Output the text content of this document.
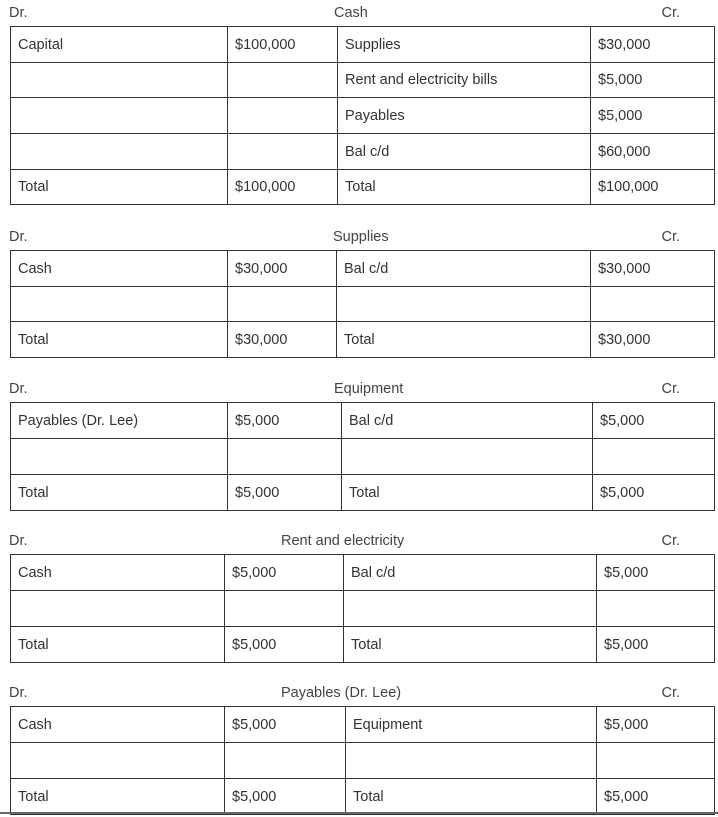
Dr.	Cash	Cr.
Capital	$100,000	Supplies	$30,000
		Rent and electricity bills	$5,000
		Payables	$5,000
		Bal c/d	$60,000
Total	$100,000	Total	$100,000
Dr.	Supplies	Cr.
Cash	$30,000	Bal c/d	$30,000

Total	$30,000	Total	$30,000
Dr.	Equipment	Cr.
Payables (Dr. Lee)	$5,000	Bal c/d	$5,000

Total	$5,000	Total	$5,000
Dr.	Rent and electricity	Cr.
Cash	$5,000	Bal c/d	$5,000

Total	$5,000	Total	$5,000
Dr.	Payables (Dr. Lee)	Cr.
Cash	$5,000	Equipment	$5,000

Total	$5,000	Total	$5,000
